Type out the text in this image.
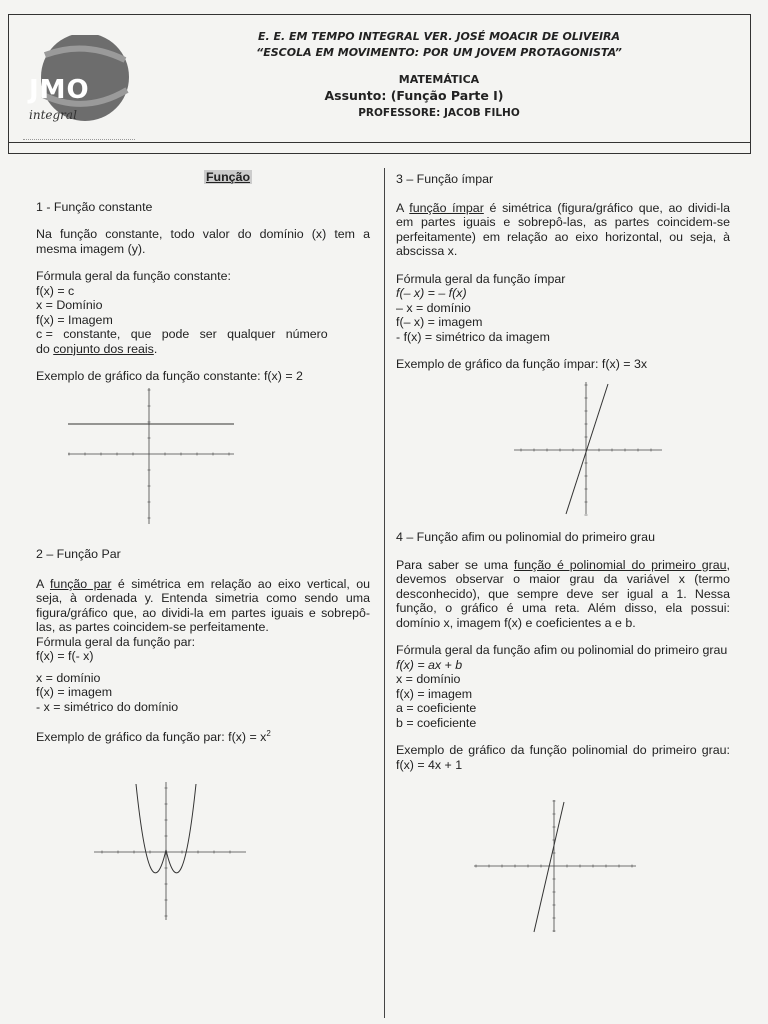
JMO
integral
E. E. EM TEMPO INTEGRAL VER. JOSÉ MOACIR DE OLIVEIRA
“ESCOLA EM MOVIMENTO: POR UM JOVEM PROTAGONISTA”
MATEMÁTICA
Assunto: (Função Parte I)
PROFESSORE: JACOB FILHO

Função

1 - Função constante

Na função constante, todo valor do domínio (x) tem a mesma imagem (y).

Fórmula geral da função constante:

f(x) = c

x = Domínio

f(x) = Imagem

c =   constante,   que   pode   ser   qualquer   número

do conjunto dos reais.

Exemplo de gráfico da função constante: f(x) = 2

2 – Função Par

A função par é simétrica em relação ao eixo vertical, ou seja, à ordenada y. Entenda simetria como sendo uma figura/gráfico que, ao dividi-la em partes iguais e sobrepô-las, as partes coincidem-se perfeitamente.

Fórmula geral da função par:

f(x) = f(- x)

x = domínio

f(x) = imagem

- x = simétrico do domínio

Exemplo de gráfico da função par: $f(x) = x^2$

3 – Função ímpar

A função ímpar é simétrica (figura/gráfico que, ao dividi-la em partes iguais e sobrepô-las, as partes coincidem-se perfeitamente) em relação ao eixo horizontal, ou seja, à abscissa x.

Fórmula geral da função ímpar

f(– x) = – f(x)

– x = domínio

f(– x) = imagem

- f(x) = simétrico da imagem

Exemplo de gráfico da função ímpar: f(x) = 3x

4 – Função afim ou polinomial do primeiro grau

Para saber se uma função é polinomial do primeiro grau, devemos observar o maior grau da variável x (termo desconhecido), que sempre deve ser igual a 1. Nessa função, o gráfico é uma reta. Além disso, ela possui: domínio x, imagem f(x) e coeficientes a e b.

Fórmula geral da função afim ou polinomial do primeiro grau

f(x) = ax + b

x = domínio

f(x) = imagem

a = coeficiente

b = coeficiente

Exemplo de gráfico da função polinomial do primeiro grau: f(x) = 4x + 1
